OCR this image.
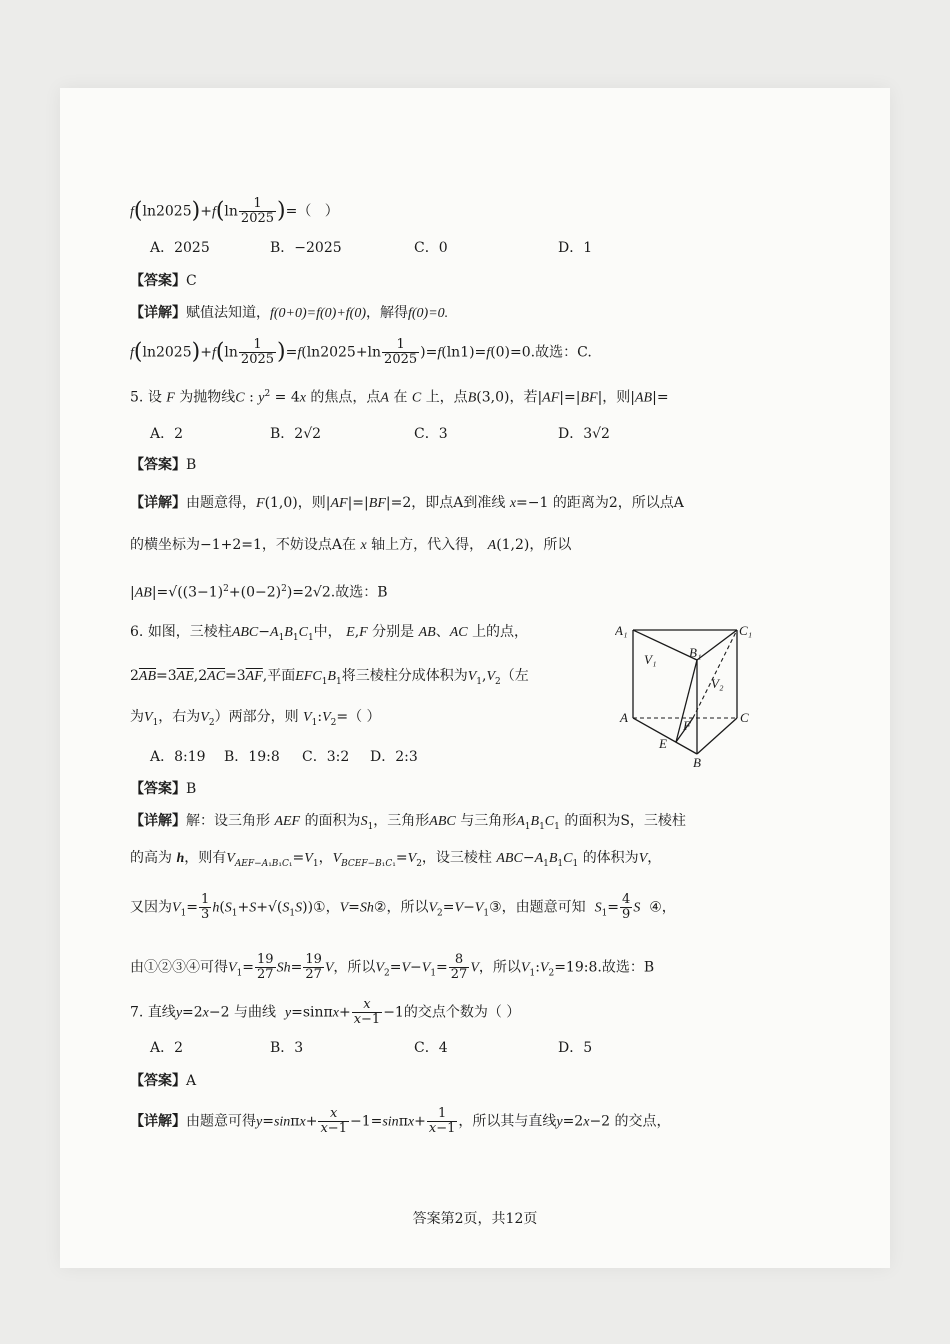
$f(\ln 2025)+f(\ln \frac{1}{2025}$ )=（   ）
A．2025	B．−2025	C．0	D．1
【答案】C
【详解】赋值法知道，f(0+0)=f(0)+f(0)，解得f(0)=0.
$f(\ln 2025)+f(\ln \frac{1}{2025} )=f(\ln 2025+\ln \frac{1}{2025} )=f(\ln 1)=f(0)=0$.故选：C.
5. 设 F 为抛物线C : $y^2 = 4x$ 的焦点，点A 在 C 上，点B(3,0)，若|AF|=|BF|，则|AB|=
A．2	B．2√2	C．3	D．3√2
【答案】B
【详解】由题意得，F(1,0)，则|AF|=|BF|=2，即点A到准线 x=−1 的距离为2，所以点A
的横坐标为−1+2=1，不妨设点A在 x 轴上方，代入得， A(1,2)，所以
$|AB|=√((3-1)^2+(0-2)^2)=2√2$.故选：B
6. 如图，三棱柱$ABC-A_1B_1C_1$中， E,F 分别是 AB、AC 上的点，
$2\overline{AB}=3\overline{AE},2\overline{AC}=3\overline{AF}$,平面$EFC_1B_1$将三棱柱分成体积为$V_1,V_2$（左
为$V_1$，右为$V_2$）两部分，则 $V_1:V_2=$（ ）
A．8:19 B．19:8 C．3:2 D．2:3
【答案】B
【详解】解：设三角形 AEF 的面积为$S_1$，三角形ABC 与三角形$A_1B_1C_1$ 的面积为S，三棱柱
的高为 h，则有$V_{AEF-A_1B_1C_1}=V_1$，$V_{BCEF-B_1C_1}=V_2$，设三棱柱 $ABC-A_1B_1C_1$ 的体积为V，
又因为$V_1= \frac{1}{3}$ $h(S_1+S+√(S_1S))①$，V=Sh②，所以$V_2=V-V_1③$，由题意可知 $S_1= \frac{4}{9}$ S ④，
由①②③④可得$V_1= \frac{19}{27} Sh= \frac{19}{27}$ V，所以$V_2=V-V_1= \frac{8}{27}$ V，所以$V_1:V_2=19:8$.故选：B
7. 直线y=2x−2 与曲线 $y=\sin\pi x+ \frac{x}{x-1} -1$的交点个数为（ ）
A．2	B．3	C．4	D．5
【答案】A
【详解】由题意可得$y=\sin\pi x+ \frac{x}{x-1} -1=\sin\pi x+ \frac{1}{x-1}$ ，所以其与直线y=2x−2 的交点，
A₁	C₁
B₁
V₁
V₂
A	C
F
E
B
答案第2页，共12页
